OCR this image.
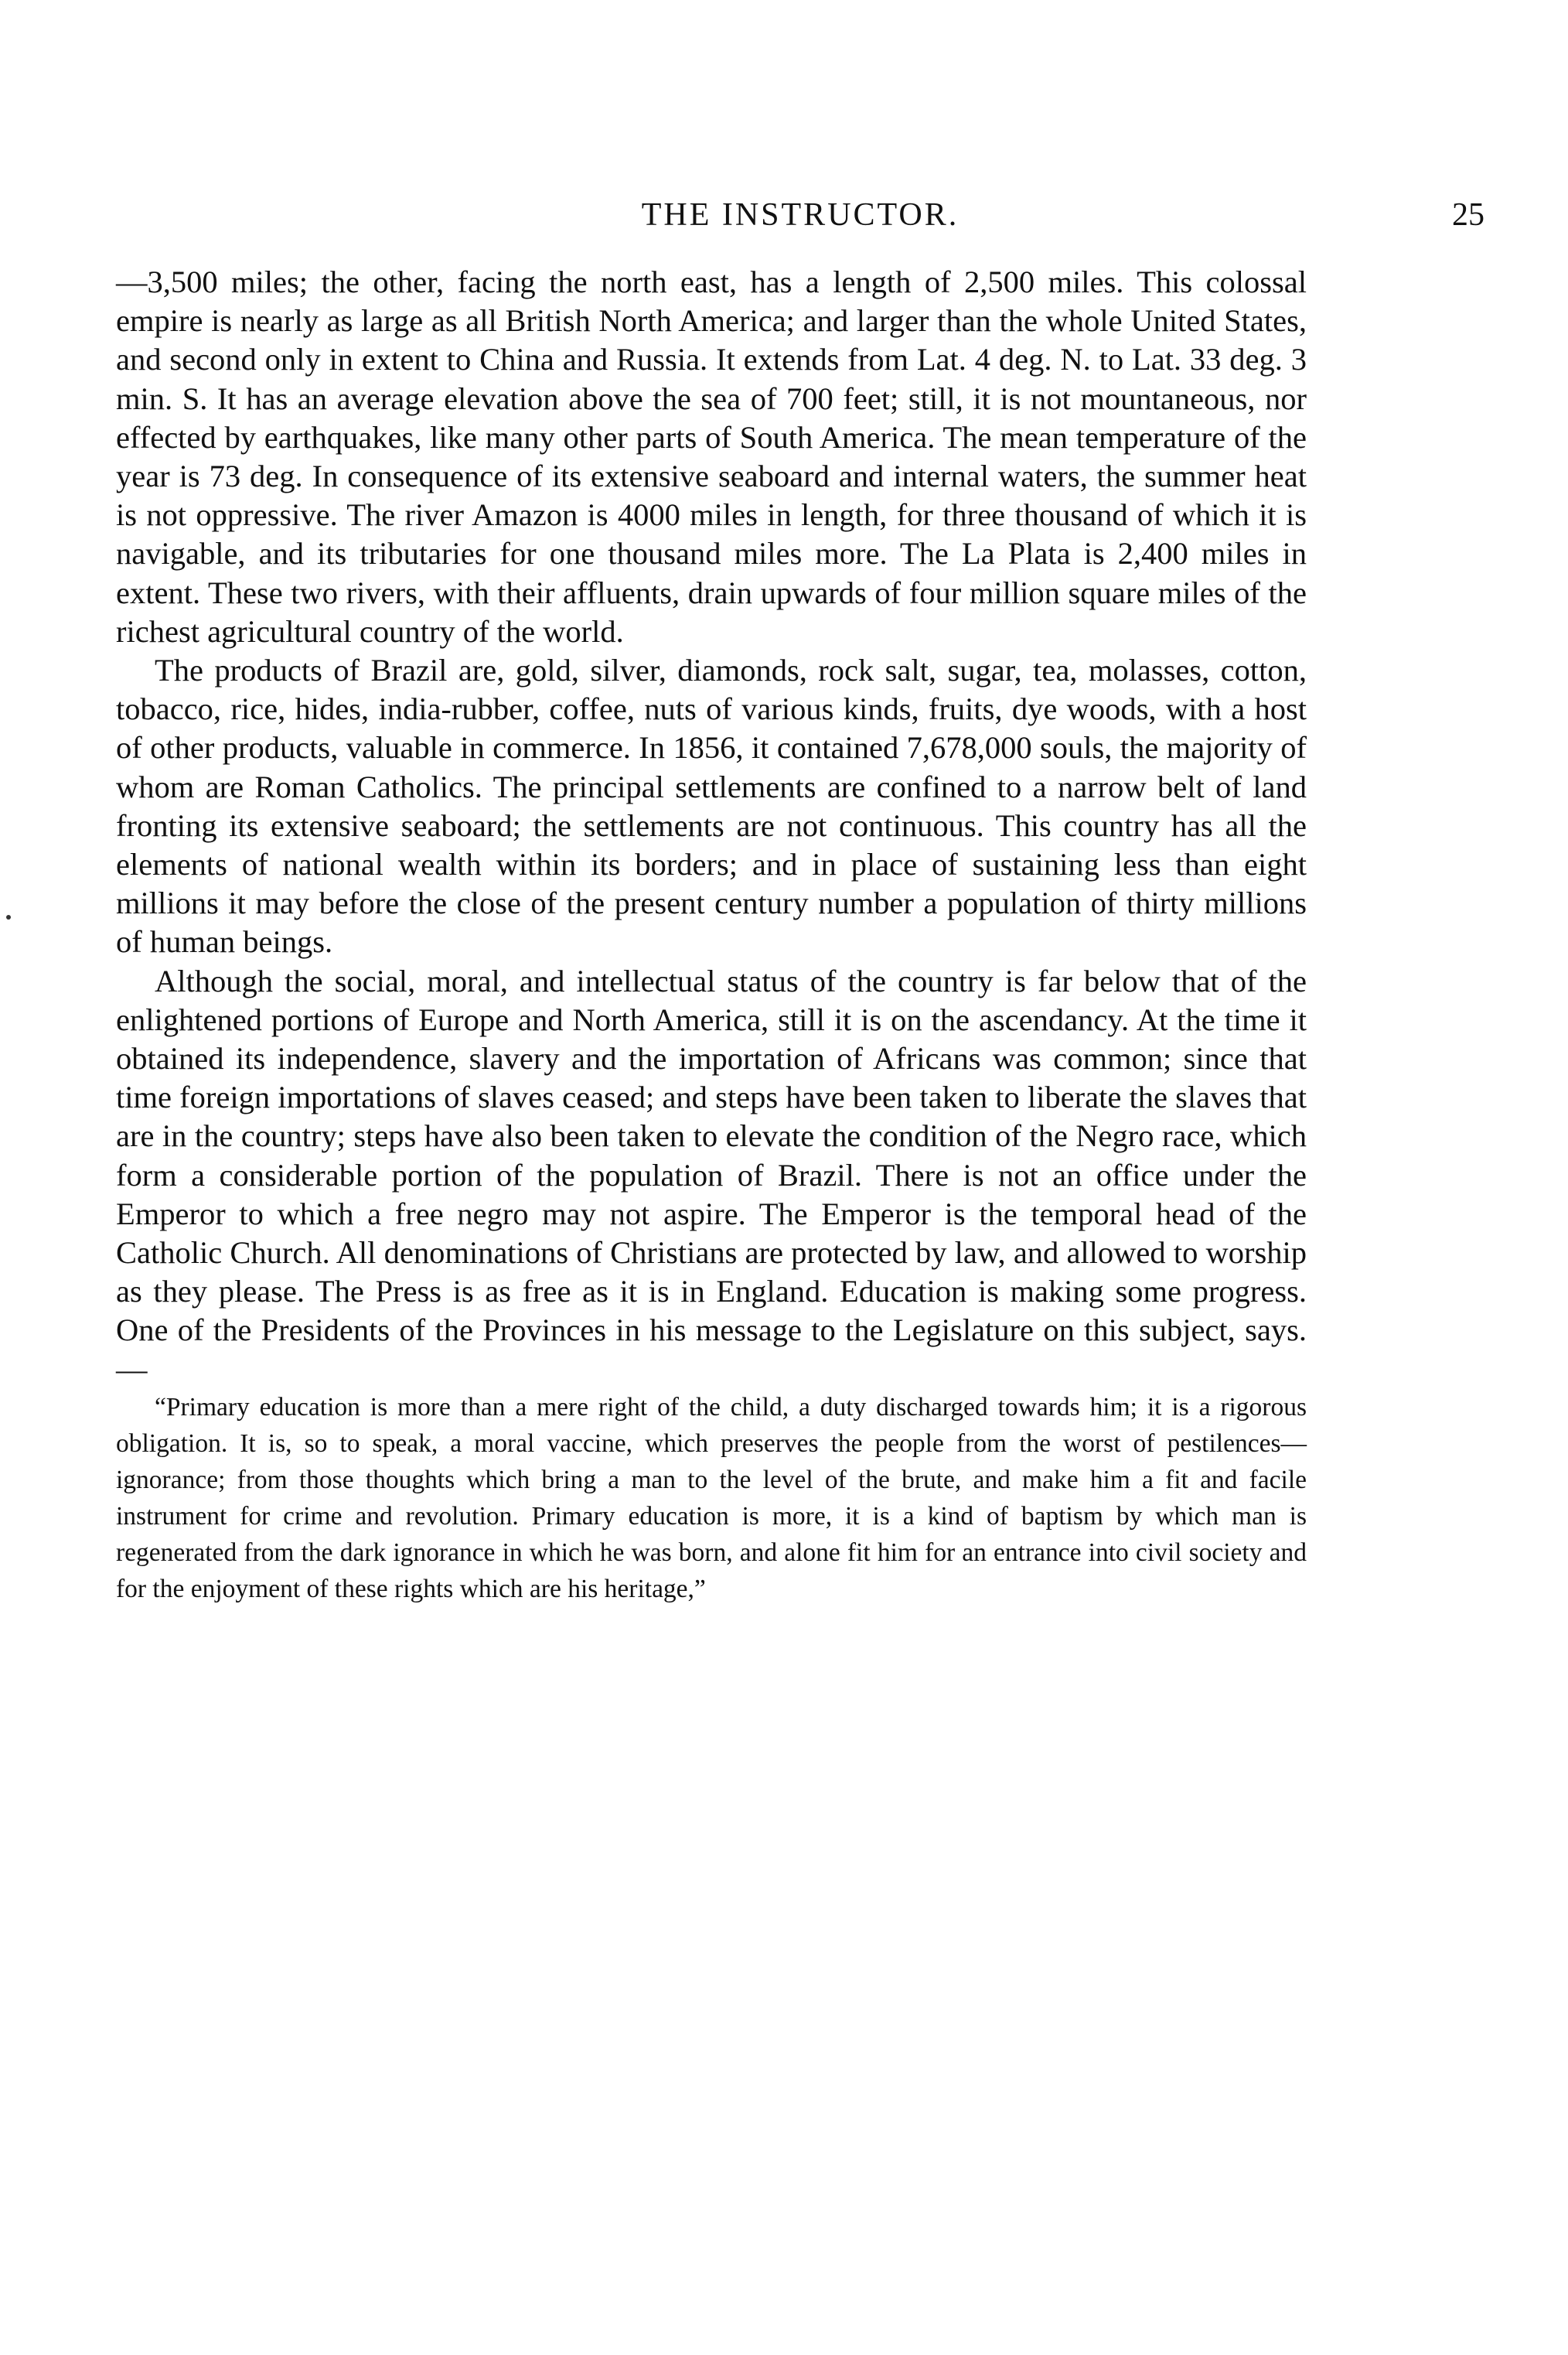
THE INSTRUCTOR.	25

—3,500 miles; the other, facing the north east, has a length of 2,500 miles. This colossal empire is nearly as large as all British North America; and larger than the whole United States, and second only in extent to China and Russia. It extends from Lat. 4 deg. N. to Lat. 33 deg. 3 min. S. It has an average elevation above the sea of 700 feet; still, it is not mountaneous, nor effected by earthquakes, like many other parts of South America. The mean temperature of the year is 73 deg. In consequence of its extensive seaboard and internal waters, the summer heat is not oppressive. The river Amazon is 4000 miles in length, for three thousand of which it is navigable, and its tributaries for one thousand miles more. The La Plata is 2,400 miles in extent. These two rivers, with their affluents, drain upwards of four million square miles of the richest agricultural country of the world.

The products of Brazil are, gold, silver, diamonds, rock salt, sugar, tea, molasses, cotton, tobacco, rice, hides, india-rubber, coffee, nuts of various kinds, fruits, dye woods, with a host of other products, valuable in commerce. In 1856, it contained 7,678,000 souls, the majority of whom are Roman Catholics. The principal settlements are confined to a narrow belt of land fronting its extensive seaboard; the settlements are not continuous. This country has all the elements of national wealth within its borders; and in place of sustaining less than eight millions it may before the close of the present century number a population of thirty millions of human beings.

Although the social, moral, and intellectual status of the country is far below that of the enlightened portions of Europe and North America, still it is on the ascendancy. At the time it obtained its independence, slavery and the importation of Africans was common; since that time foreign importations of slaves ceased; and steps have been taken to liberate the slaves that are in the country; steps have also been taken to elevate the condition of the Negro race, which form a considerable portion of the population of Brazil. There is not an office under the Emperor to which a free negro may not aspire. The Emperor is the temporal head of the Catholic Church. All denominations of Christians are protected by law, and allowed to worship as they please. The Press is as free as it is in England. Education is making some progress. One of the Presidents of the Provinces in his message to the Legislature on this subject, says.—

“Primary education is more than a mere right of the child, a duty discharged towards him; it is a rigorous obligation. It is, so to speak, a moral vaccine, which preserves the people from the worst of pestilences—ignorance; from those thoughts which bring a man to the level of the brute, and make him a fit and facile instrument for crime and revolution. Primary education is more, it is a kind of baptism by which man is regenerated from the dark ignorance in which he was born, and alone fit him for an entrance into civil society and for the enjoyment of these rights which are his heritage,”
